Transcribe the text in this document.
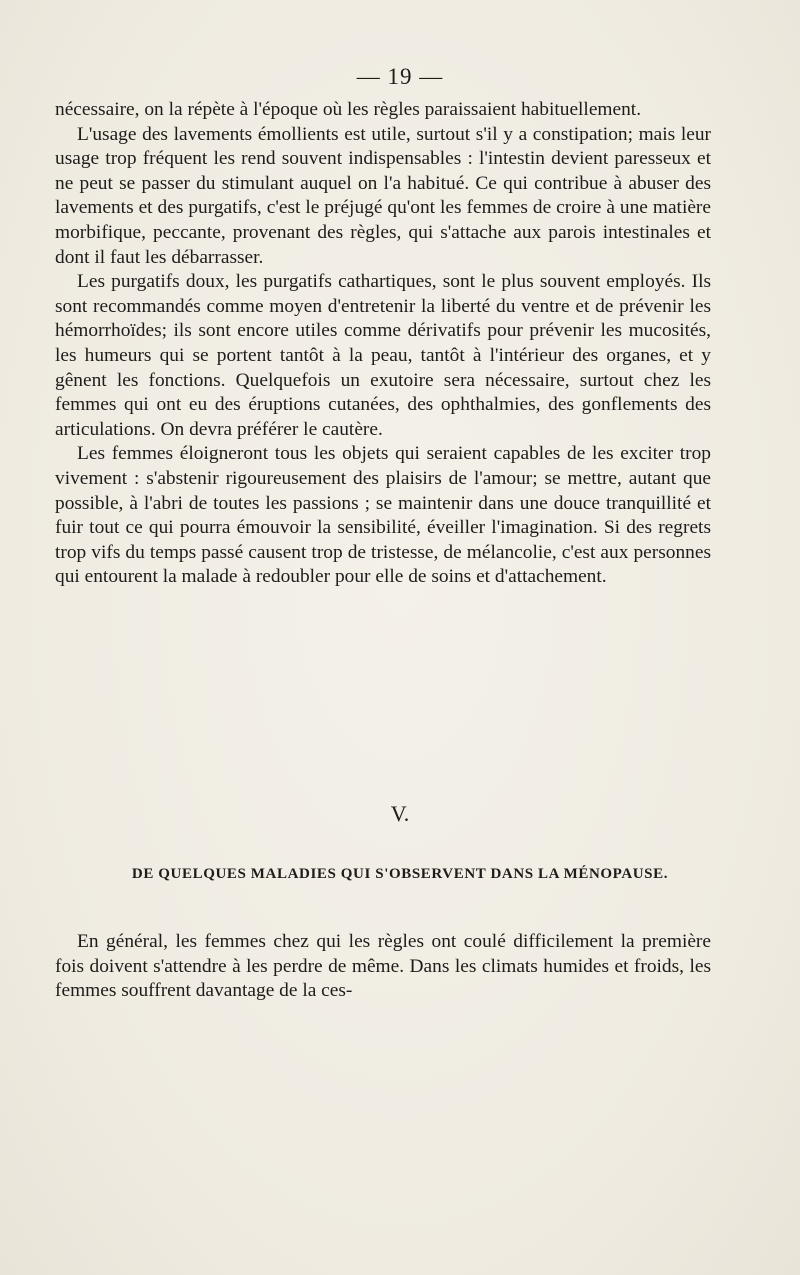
— 19 —

nécessaire, on la répète à l'époque où les règles paraissaient habituellement.

L'usage des lavements émollients est utile, surtout s'il y a constipation; mais leur usage trop fréquent les rend souvent indispensables : l'intestin devient paresseux et ne peut se passer du stimulant auquel on l'a habitué. Ce qui contribue à abuser des lavements et des purgatifs, c'est le préjugé qu'ont les femmes de croire à une matière morbifique, peccante, provenant des règles, qui s'attache aux parois intestinales et dont il faut les débarrasser.

Les purgatifs doux, les purgatifs cathartiques, sont le plus souvent employés. Ils sont recommandés comme moyen d'entretenir la liberté du ventre et de prévenir les hémorrhoïdes; ils sont encore utiles comme dérivatifs pour prévenir les mucosités, les humeurs qui se portent tantôt à la peau, tantôt à l'intérieur des organes, et y gênent les fonctions. Quelquefois un exutoire sera nécessaire, surtout chez les femmes qui ont eu des éruptions cutanées, des ophthalmies, des gonflements des articulations. On devra préférer le cautère.

Les femmes éloigneront tous les objets qui seraient capables de les exciter trop vivement : s'abstenir rigoureusement des plaisirs de l'amour; se mettre, autant que possible, à l'abri de toutes les passions ; se maintenir dans une douce tranquillité et fuir tout ce qui pourra émouvoir la sensibilité, éveiller l'imagination. Si des regrets trop vifs du temps passé causent trop de tristesse, de mélancolie, c'est aux personnes qui entourent la malade à redoubler pour elle de soins et d'attachement.

V.
DE QUELQUES MALADIES QUI S'OBSERVENT DANS LA MÉNOPAUSE.

En général, les femmes chez qui les règles ont coulé difficilement la première fois doivent s'attendre à les perdre de même. Dans les climats humides et froids, les femmes souffrent davantage de la ces-
